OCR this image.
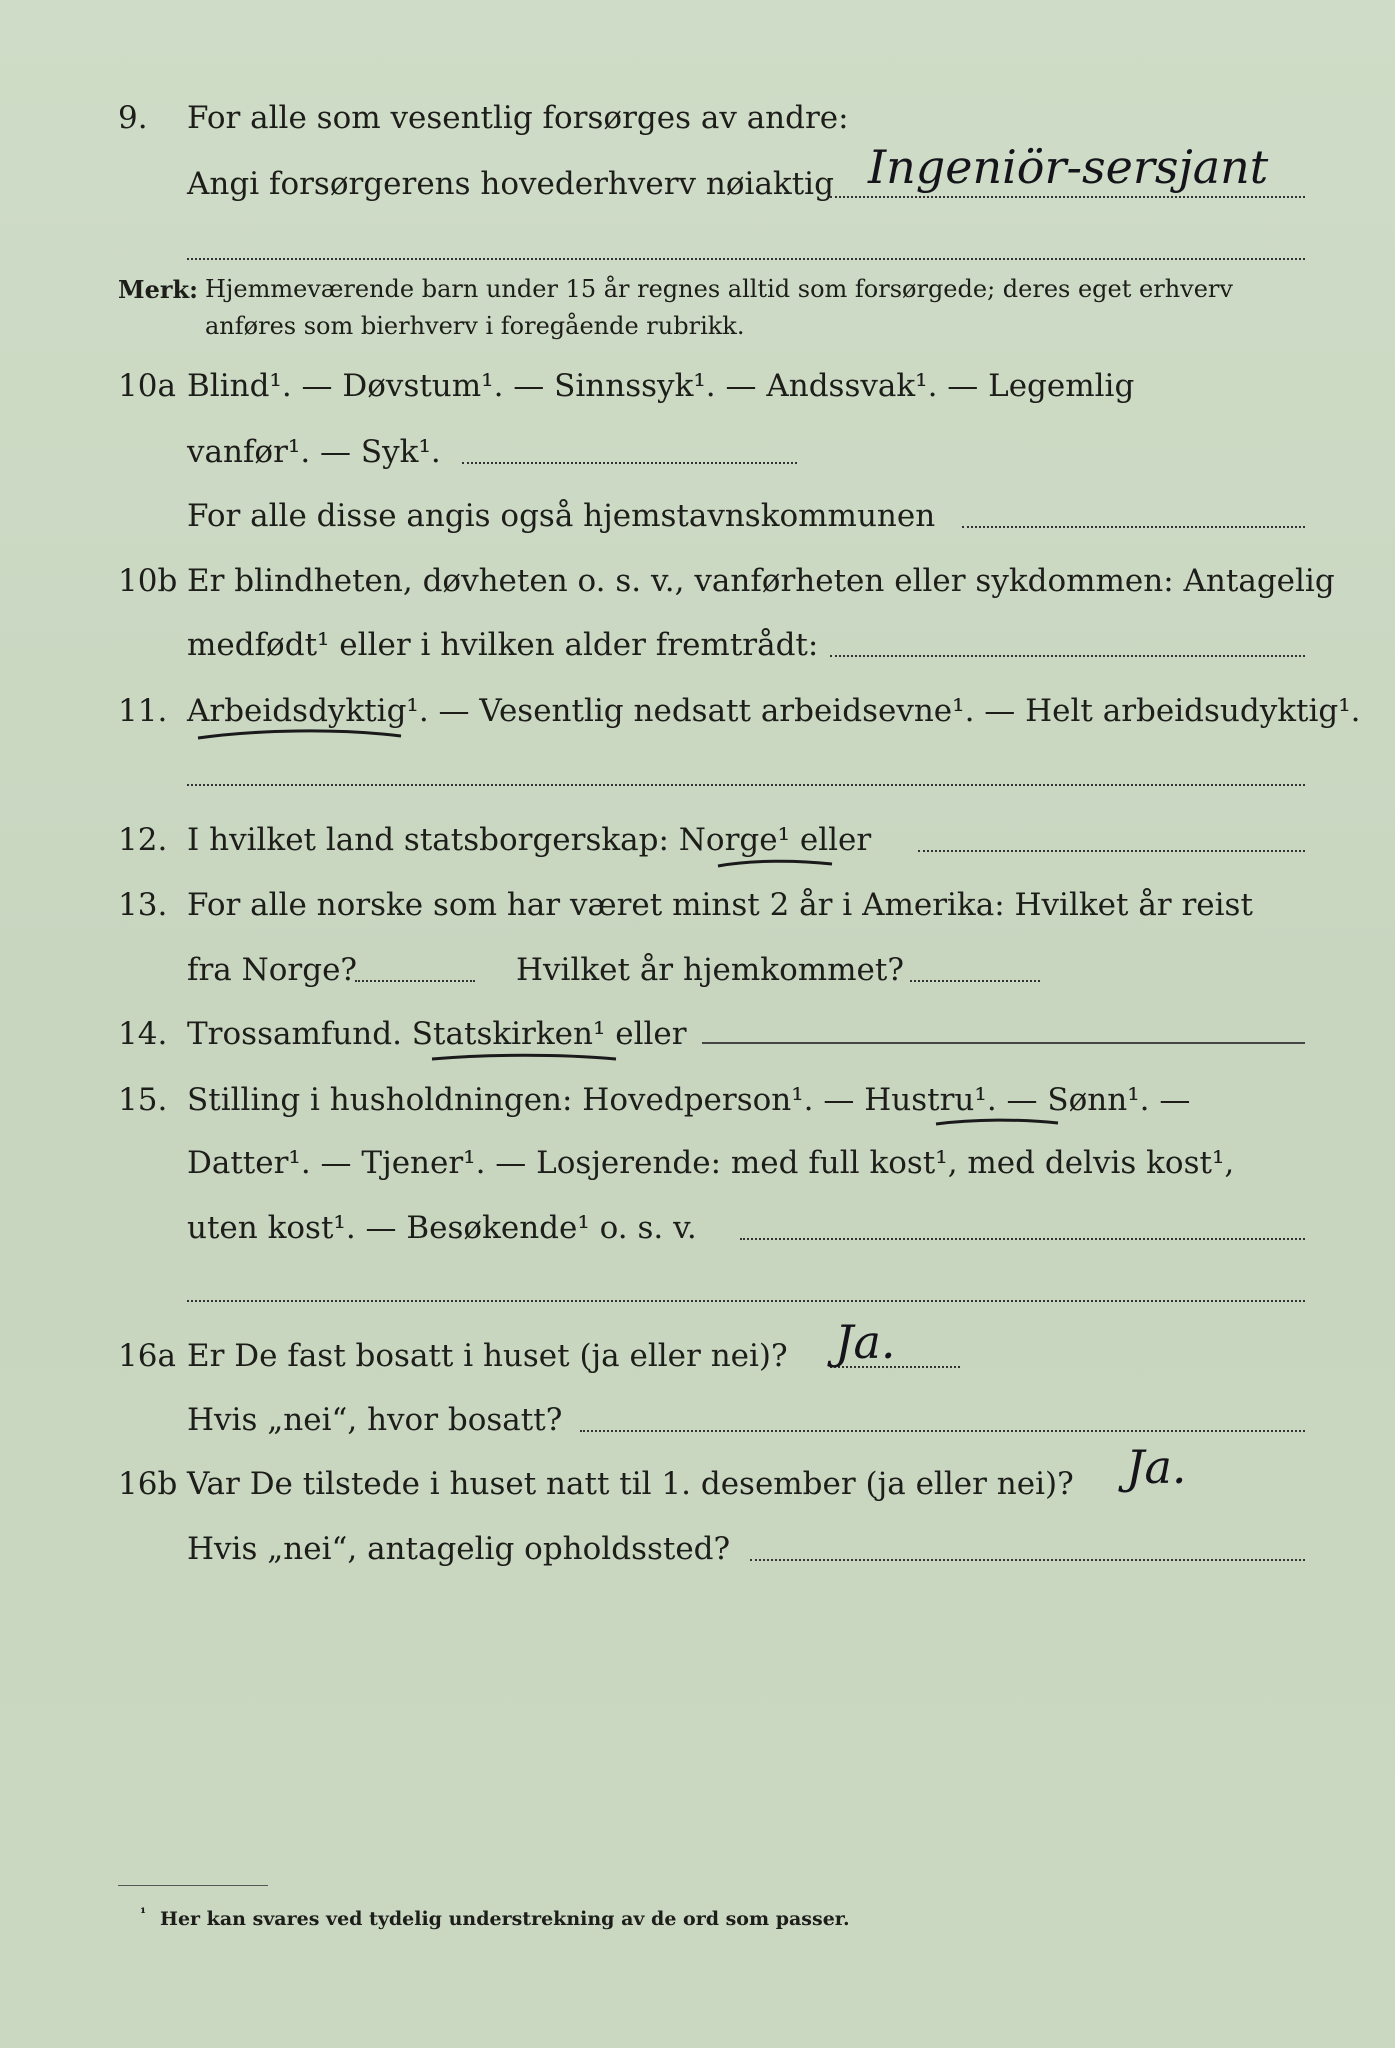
9. For alle som vesentlig forsørges av andre:
Angi forsørgerens hovederhverv nøiaktig Ingeniör-sersjant
Merk: Hjemmeværende barn under 15 år regnes alltid som forsørgede; deres eget erhverv
anføres som bierhverv i foregående rubrikk.
10a Blind¹. — Døvstum¹. — Sinnssyk¹. — Andssvak¹. — Legemlig
vanfør¹. — Syk¹.
For alle disse angis også hjemstavnskommunen
10b Er blindheten, døvheten o. s. v., vanførheten eller sykdommen: Antagelig
medfødt¹ eller i hvilken alder fremtrådt:
11. Arbeidsdyktig¹. — Vesentlig nedsatt arbeidsevne¹. — Helt arbeidsudyktig¹.
12. I hvilket land statsborgerskap: Norge¹ eller
13. For alle norske som har været minst 2 år i Amerika: Hvilket år reist
fra Norge?	Hvilket år hjemkommet?
14. Trossamfund. Statskirken¹ eller
15. Stilling i husholdningen: Hovedperson¹. — Hustru¹. — Sønn¹. —
Datter¹. — Tjener¹. — Losjerende: med full kost¹, med delvis kost¹,
uten kost¹. — Besøkende¹ o. s. v.
16a Er De fast bosatt i huset (ja eller nei)? Ja.
Hvis „nei“, hvor bosatt?
16b Var De tilstede i huset natt til 1. desember (ja eller nei)? Ja.
Hvis „nei“, antagelig opholdssted?
¹ Her kan svares ved tydelig understrekning av de ord som passer.
